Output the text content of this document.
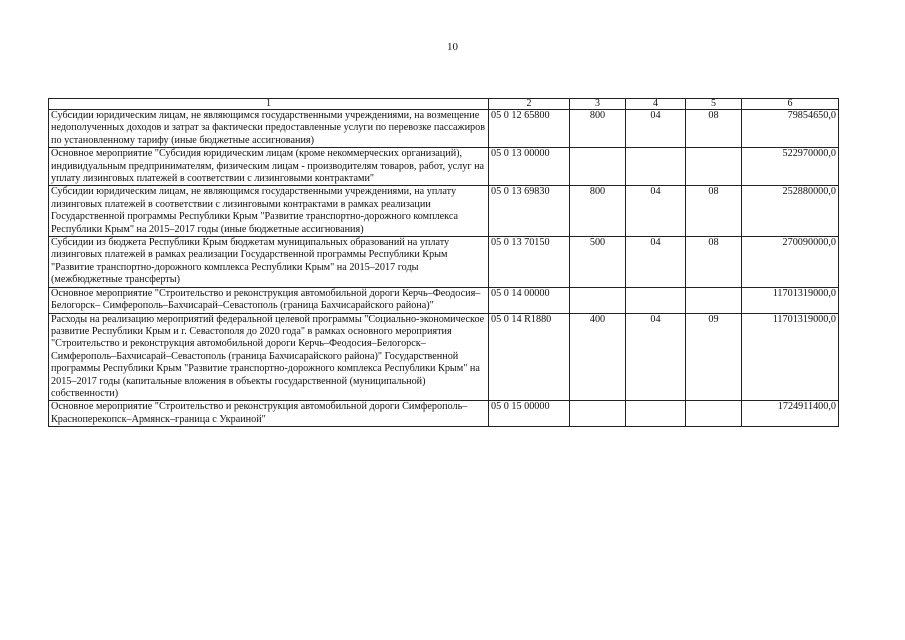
10
1	2	3	4	5	6
Субсидии юридическим лицам, не являющимся государственными учреждениями, на возмещение недополученных доходов и затрат за фактически предоставленные услуги по перевозке пассажиров по установленному тарифу (иные бюджетные ассигнования)	05 0 12 65800	800	04	08	79854650,0
Основное мероприятие "Субсидия юридическим лицам (кроме некоммерческих организаций), индивидуальным предпринимателям, физическим лицам - производителям товаров, работ, услуг на уплату лизинговых платежей в соответствии с лизинговыми контрактами"	05 0 13 00000				522970000,0
Субсидии юридическим лицам, не являющимся государственными учреждениями, на уплату лизинговых платежей в соответствии с лизинговыми контрактами в рамках реализации Государственной программы Республики Крым "Развитие транспортно-дорожного комплекса Республики Крым" на 2015–2017 годы (иные бюджетные ассигнования)	05 0 13 69830	800	04	08	252880000,0
Субсидии из бюджета Республики Крым бюджетам муниципальных образований на уплату лизинговых платежей в рамках реализации Государственной программы Республики Крым "Развитие транспортно-дорожного комплекса Республики Крым" на 2015–2017 годы (межбюджетные трансферты)	05 0 13 70150	500	04	08	270090000,0
Основное мероприятие "Строительство и реконструкция автомобильной дороги Керчь–Феодосия–Белогорск– Симферополь–Бахчисарай–Севастополь (граница Бахчисарайского района)"	05 0 14 00000				11701319000,0
Расходы на реализацию мероприятий федеральной целевой программы "Социально-экономическое развитие Республики Крым и г. Севастополя до 2020 года" в рамках основного мероприятия "Строительство и реконструкция автомобильной дороги Керчь–Феодосия–Белогорск–Симферополь–Бахчисарай–Севастополь (граница Бахчисарайского района)" Государственной программы Республики Крым "Развитие транспортно-дорожного комплекса Республики Крым" на 2015–2017 годы (капитальные вложения в объекты государственной (муниципальной) собственности)	05 0 14 R1880	400	04	09	11701319000,0
Основное мероприятие "Строительство и реконструкция автомобильной дороги Симферополь–Красноперекопск–Армянск–граница с Украиной"	05 0 15 00000				1724911400,0
